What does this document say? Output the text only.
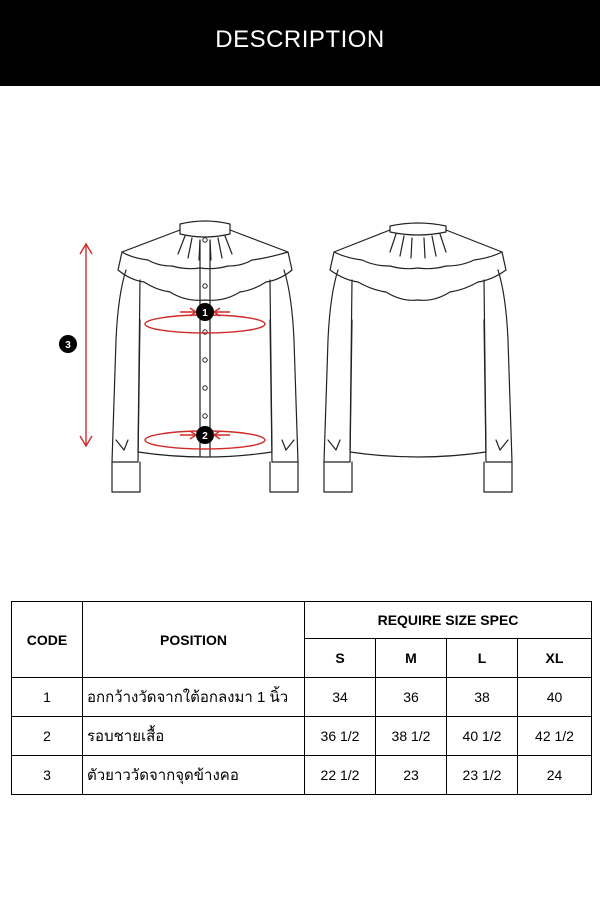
DESCRIPTION
1
2
3
CODE	POSITION	REQUIRE SIZE SPEC			
		S	M	L	XL
1	อกกว้างวัดจากใต้อกลงมา 1 นิ้ว	34	36	38	40
2	รอบชายเสื้อ	36 1/2	38 1/2	40 1/2	42 1/2
3	ตัวยาววัดจากจุดข้างคอ	22 1/2	23	23 1/2	24
